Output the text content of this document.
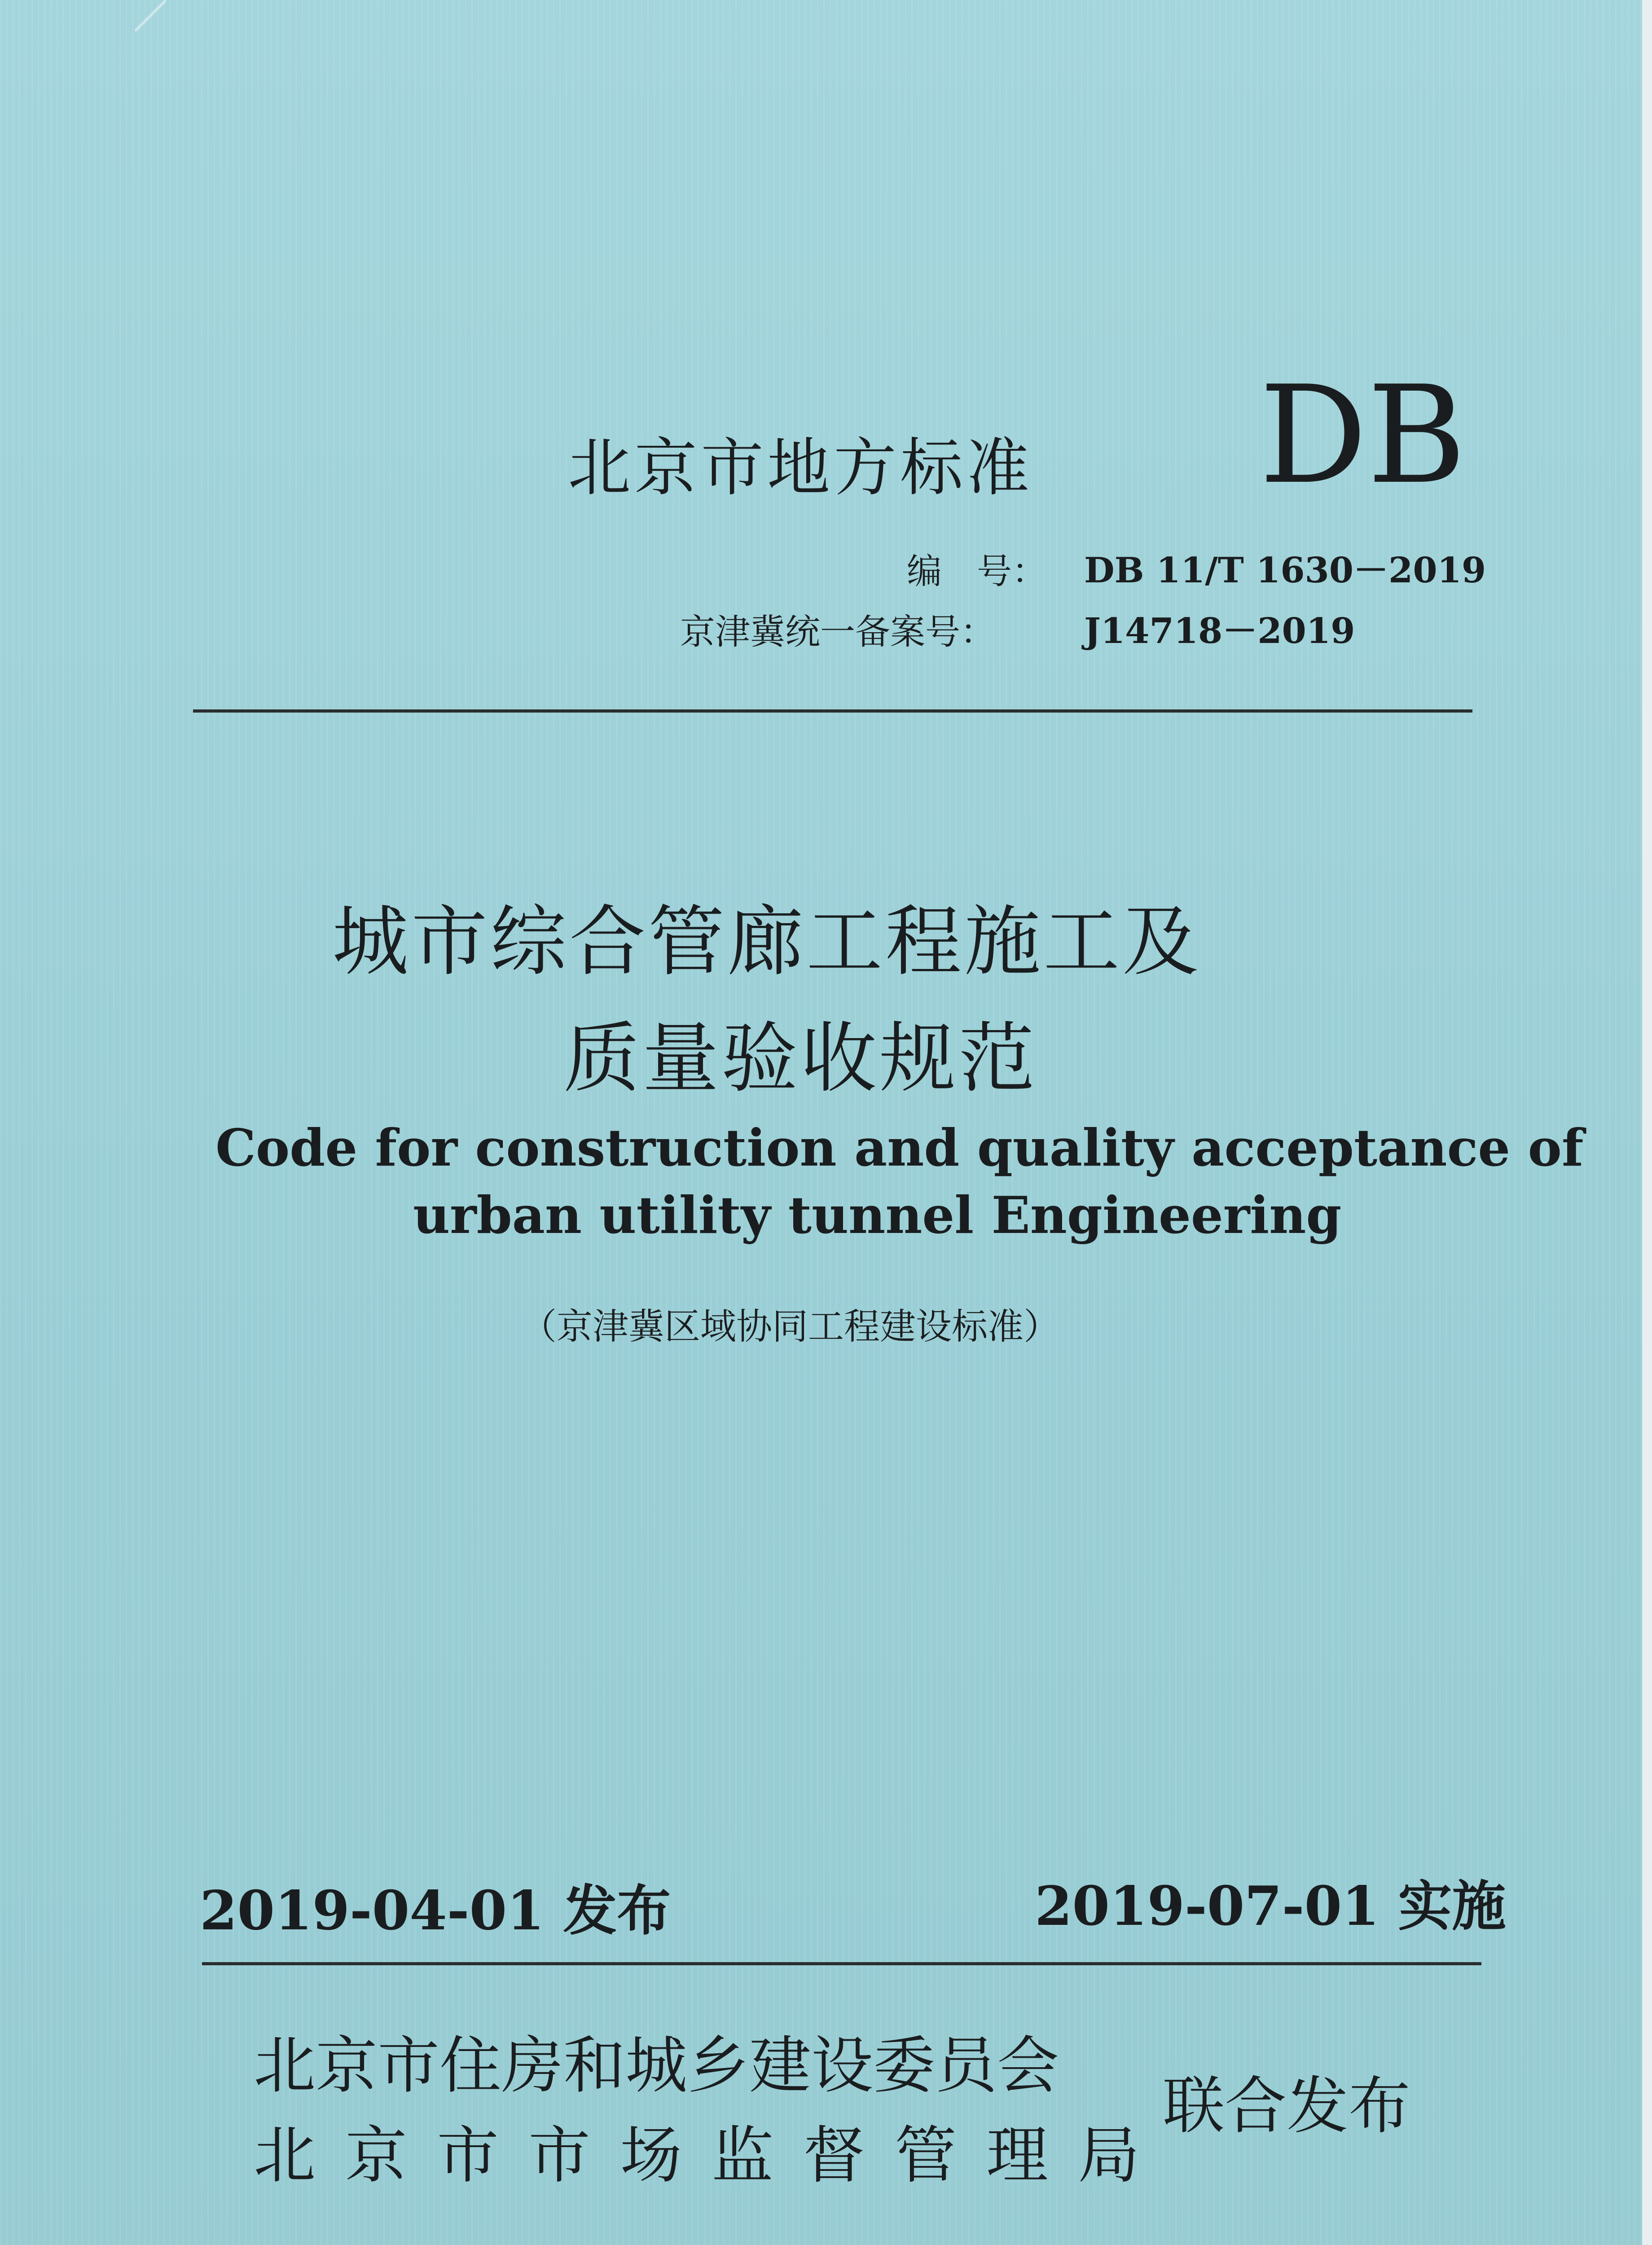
北京市地方标准 DB
编　号： DB 11/T 1630－2019
京津冀统一备案号：	J14718－2019
城市综合管廊工程施工及
质量验收规范
Code for construction and quality acceptance of
urban utility tunnel Engineering
（京津冀区域协同工程建设标准）
2019-04-01 发布	2019-07-01 实施
北京市住房和城乡建设委员会
北京市市场监督管理局
联合发布
